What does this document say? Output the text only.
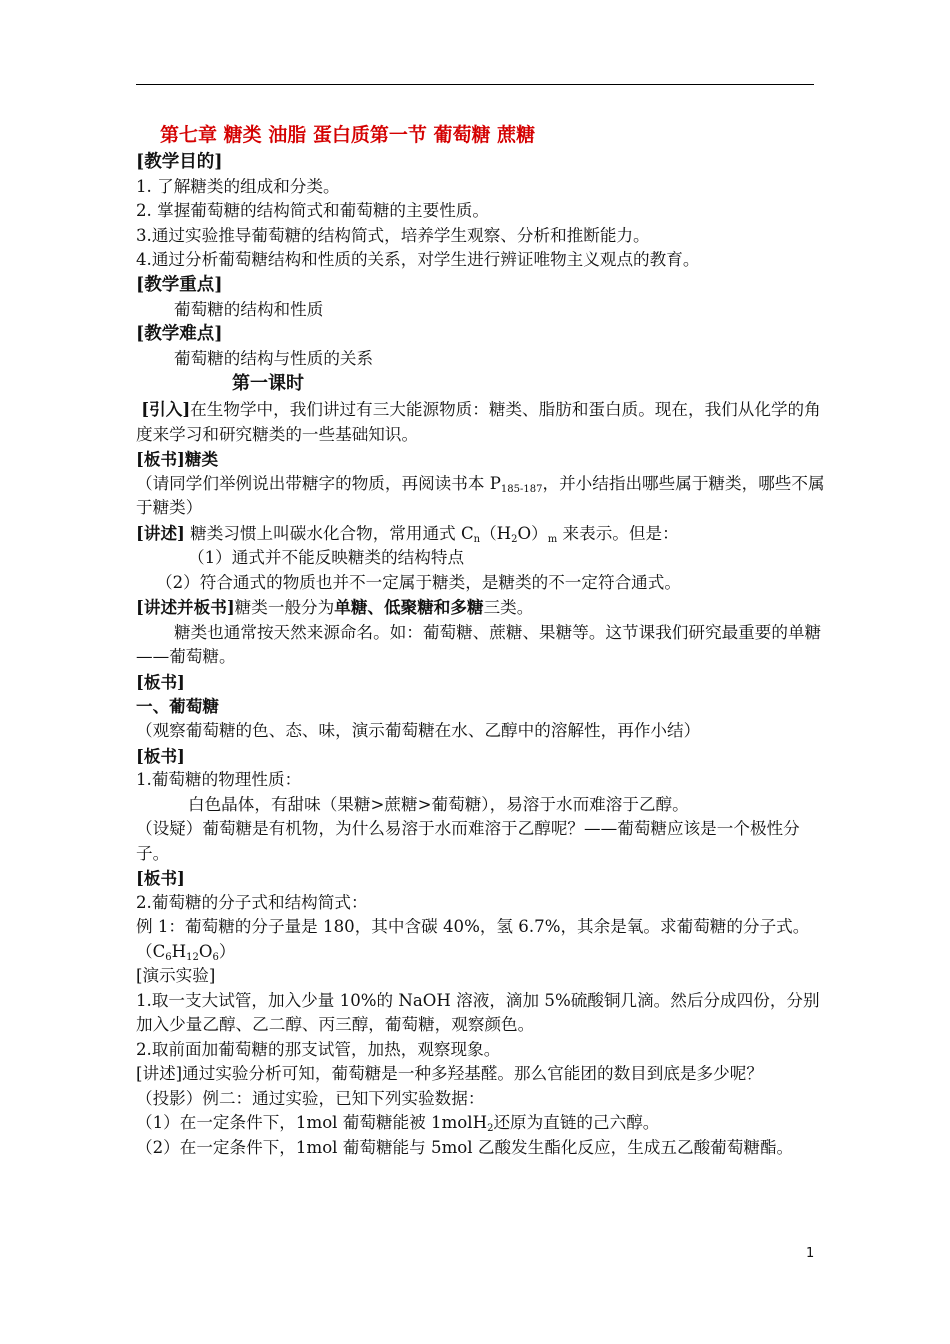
第七章 糖类 油脂 蛋白质第一节 葡萄糖 蔗糖
[教学目的]
1. 了解糖类的组成和分类。
2. 掌握葡萄糖的结构简式和葡萄糖的主要性质。
3.通过实验推导葡萄糖的结构简式，培养学生观察、分析和推断能力。
4.通过分析葡萄糖结构和性质的关系，对学生进行辨证唯物主义观点的教育。
[教学重点]
葡萄糖的结构和性质
[教学难点]
葡萄糖的结构与性质的关系
第一课时
[引入]在生物学中，我们讲过有三大能源物质：糖类、脂肪和蛋白质。现在，我们从化学的角度来学习和研究糖类的一些基础知识。
[板书]糖类
（请同学们举例说出带糖字的物质，再阅读书本 $P_{185-187}$，并小结指出哪些属于糖类，哪些不属于糖类）
[讲述] 糖类习惯上叫碳水化合物，常用通式 $C_n(H_2O)_m$ 来表示。但是：
（1）通式并不能反映糖类的结构特点
（2）符合通式的物质也并不一定属于糖类，是糖类的不一定符合通式。
[讲述并板书]糖类一般分为单糖、低聚糖和多糖三类。
糖类也通常按天然来源命名。如：葡萄糖、蔗糖、果糖等。这节课我们研究最重要的单糖——葡萄糖。
[板书]
一、葡萄糖
（观察葡萄糖的色、态、味，演示葡萄糖在水、乙醇中的溶解性，再作小结）
[板书]
1.葡萄糖的物理性质：
白色晶体，有甜味（果糖>蔗糖>葡萄糖），易溶于水而难溶于乙醇。
（设疑）葡萄糖是有机物，为什么易溶于水而难溶于乙醇呢？——葡萄糖应该是一个极性分子。
[板书]
2.葡萄糖的分子式和结构简式：
例 1：葡萄糖的分子量是 180，其中含碳 40%，氢 6.7%，其余是氧。求葡萄糖的分子式。$(C_6H_{12}O_6)$
[演示实验]
1.取一支大试管，加入少量 10%的 NaOH 溶液，滴加 5%硫酸铜几滴。然后分成四份，分别加入少量乙醇、乙二醇、丙三醇，葡萄糖，观察颜色。
2.取前面加葡萄糖的那支试管，加热，观察现象。
[讲述]通过实验分析可知，葡萄糖是一种多羟基醛。那么官能团的数目到底是多少呢？
（投影）例二：通过实验，已知下列实验数据：
（1）在一定条件下，1mol 葡萄糖能被 1molH$_2$还原为直链的己六醇。
（2）在一定条件下，1mol 葡萄糖能与 5mol 乙酸发生酯化反应，生成五乙酸葡萄糖酯。
1
